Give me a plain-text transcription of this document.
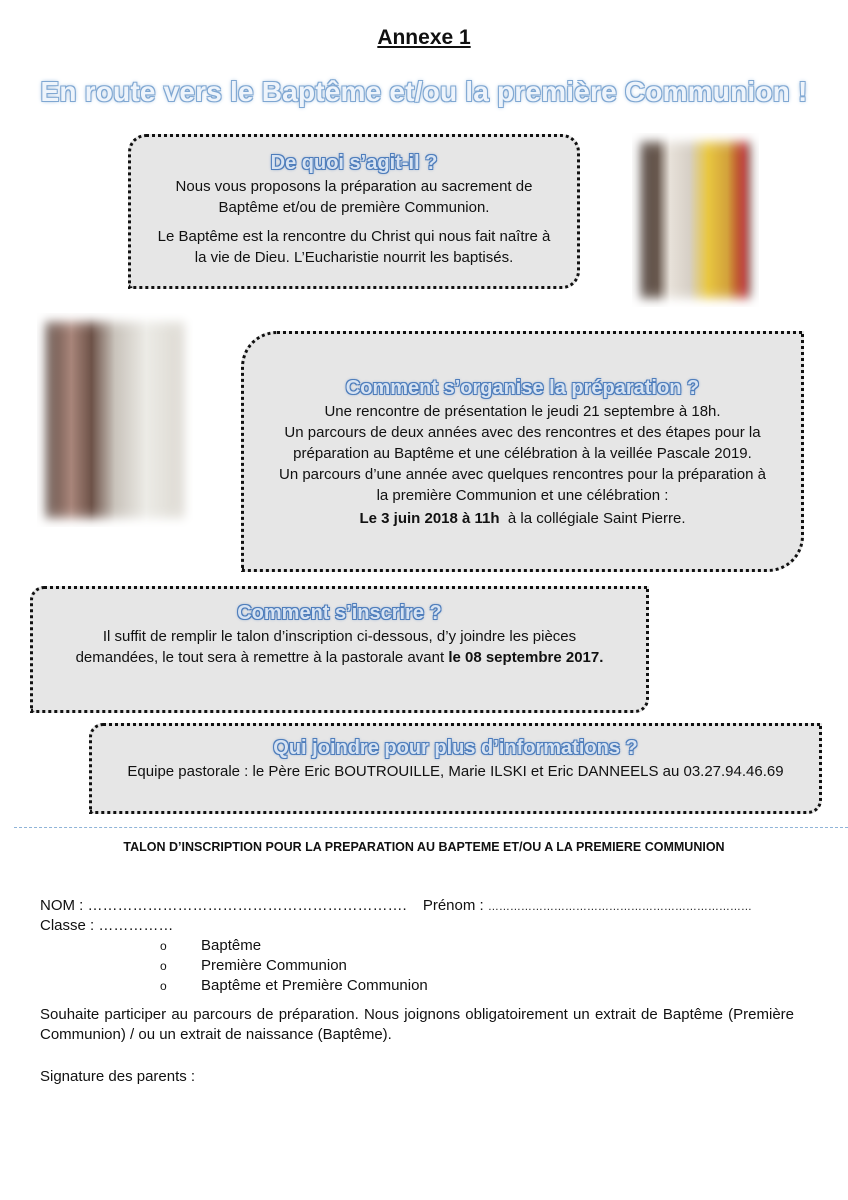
Annexe 1
En route vers le Baptême et/ou la première Communion !
De quoi s’agit-il ?

Nous vous proposons la préparation au sacrement de

Baptême et/ou de première Communion.

Le Baptême est la rencontre du Christ qui nous fait naître à

la vie de Dieu. L’Eucharistie nourrit les baptisés.

Comment s’organise la préparation ?

Une rencontre de présentation le jeudi 21 septembre à 18h.

Un parcours de deux années avec des rencontres et des étapes pour la

préparation au Baptême et une célébration à la veillée Pascale 2019.

Un parcours d’une année avec quelques rencontres pour la préparation à

la première Communion et une célébration :

Le 3 juin 2018 à 11h à la collégiale Saint Pierre.

Comment s’inscrire ?

Il suffit de remplir le talon d’inscription ci-dessous, d’y joindre les pièces

demandées, le tout sera à remettre à la pastorale avant le 08 septembre 2017.

Qui joindre pour plus d’informations ?

Equipe pastorale : le Père Eric BOUTROUILLE, Marie ILSKI et Eric DANNEELS au 03.27.94.46.69

TALON D’INSCRIPTION POUR LA PREPARATION AU BAPTEME ET/OU A LA PREMIERE COMMUNION
NOM : ………………………………………………………. Prénom : ………………………………………………………………
Classe : ……………
o Baptême
o Première Communion
o Baptême et Première Communion
Souhaite participer au parcours de préparation. Nous joignons obligatoirement un extrait de Baptême (Première Communion) / ou un extrait de naissance (Baptême).
Signature des parents :
